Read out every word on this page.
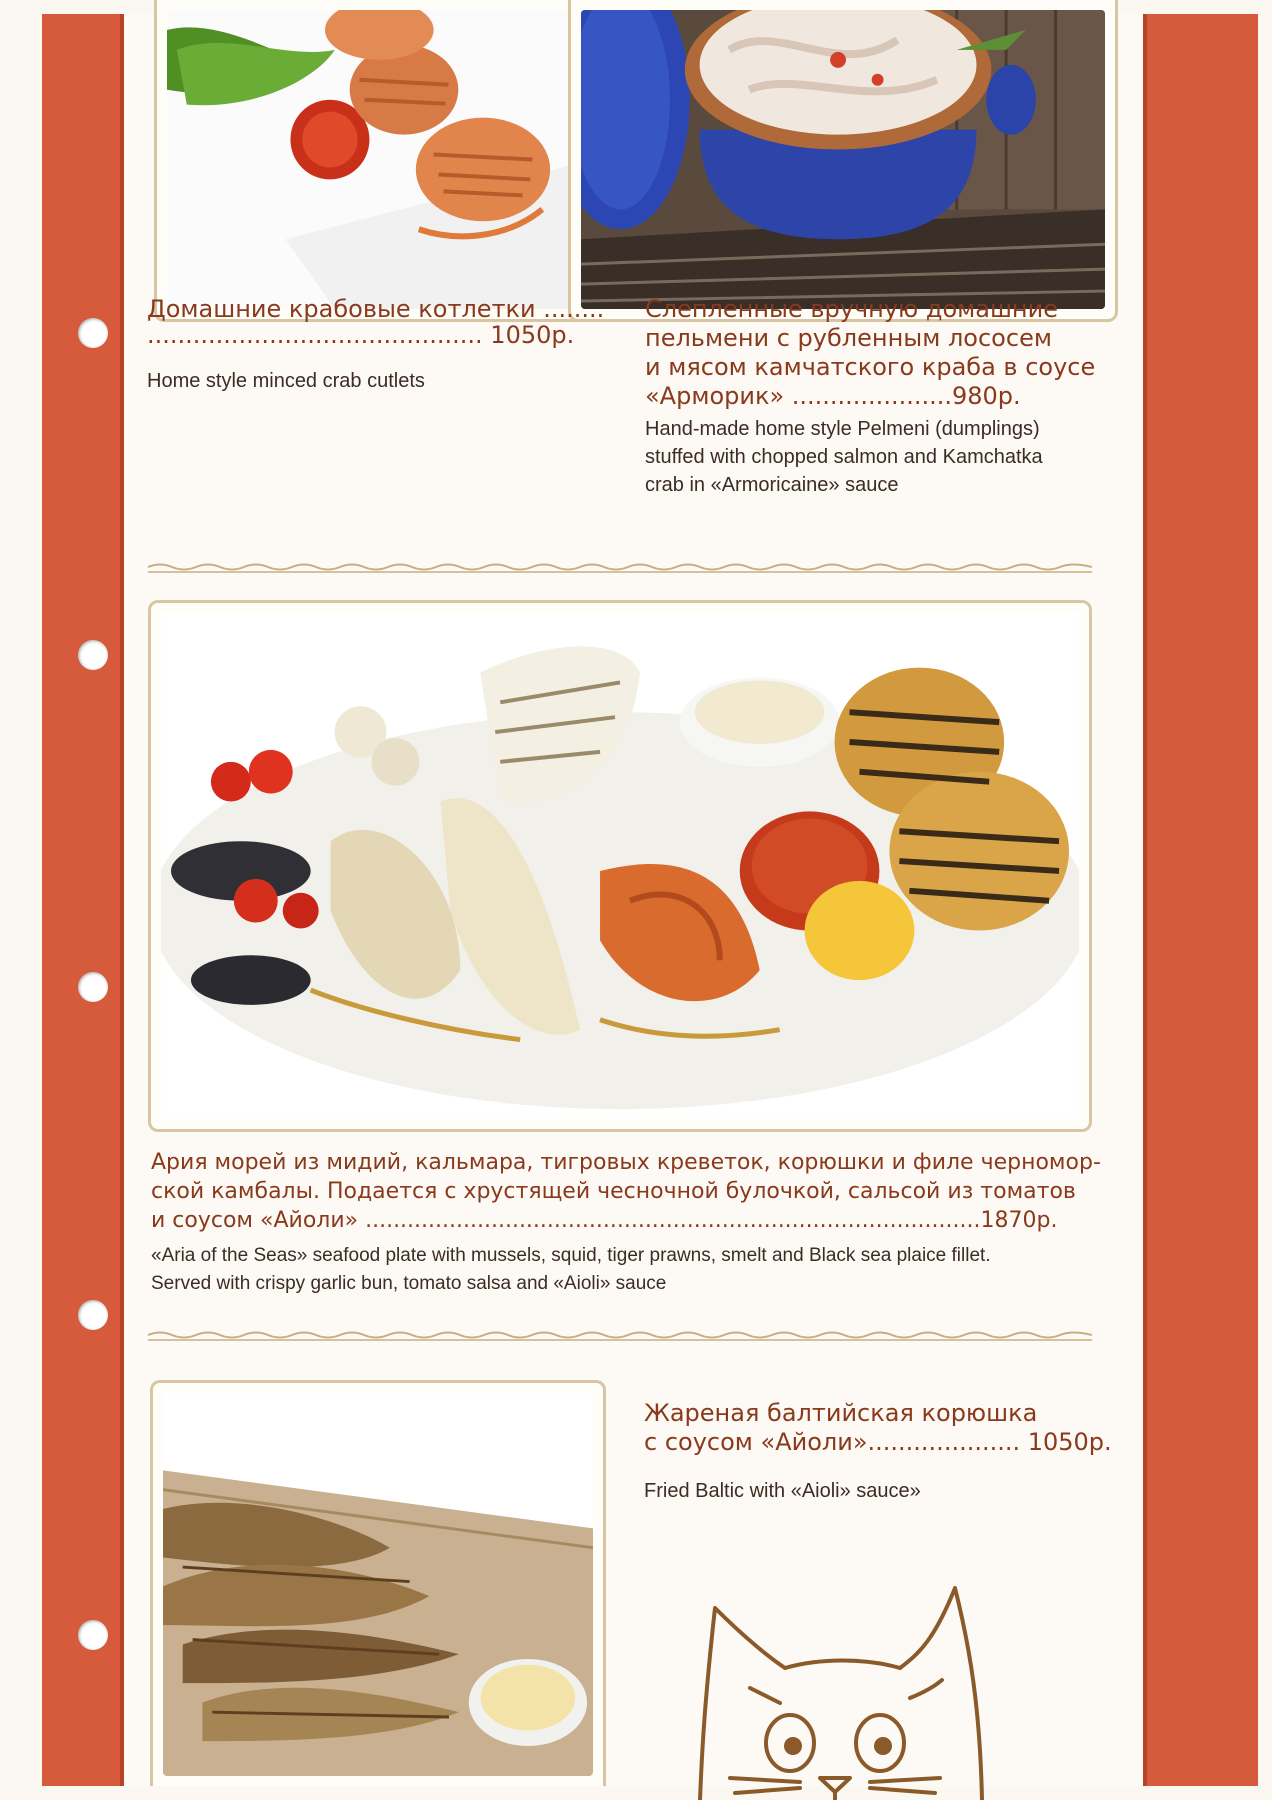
Домашние крабовые котлетки ........
............................................ 1050р.
Home style minced crab cutlets
Слепленные вручную домашние
пельмени с рубленным лососем
и мясом камчатского краба в соусе
«Арморик» .....................980р.
Hand-made home style Pelmeni (dumplings)
stuffed with chopped salmon and Kamchatka
crab in «Armoricaine» sauce
Ария морей из мидий, кальмара, тигровых креветок, корюшки и филе черномор-
ской камбалы. Подается с хрустящей чесночной булочкой, сальсой из томатов
и соусом «Айоли» ........................................................................................1870р.
«Aria of the Seas» seafood plate with mussels, squid, tiger prawns, smelt and Black sea plaice fillet.
Served with crispy garlic bun, tomato salsa and «Aioli» sauce
Жареная балтийская корюшка
с соусом «Айоли».................... 1050р.
Fried Baltic with «Aioli» sauce»
